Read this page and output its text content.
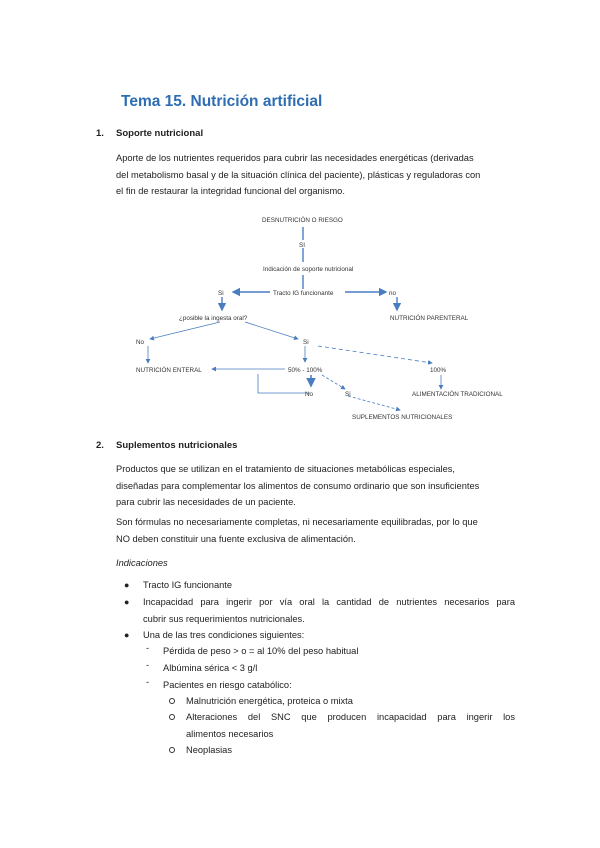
Tema 15. Nutrición artificial
1. Soporte nutricional
Aporte de los nutrientes requeridos para cubrir las necesidades energéticas (derivadas
del metabolismo basal y de la situación clínica del paciente), plásticas y reguladoras con
el fin de restaurar la integridad funcional del organismo.
DESNUTRICIÓN O RIESGO
SI
Indicación de soporte nutricional
Si	Tracto IG funcionante	no
¿posible la ingesta oral?	NUTRICIÓN PARENTERAL
No	Si
NUTRICIÓN ENTERAL	50% - 100%	100%
No	Si	ALIMENTACIÓN TRADICIONAL
SUPLEMENTOS NUTRICIONALES
2. Suplementos nutricionales
Productos que se utilizan en el tratamiento de situaciones metabólicas especiales,
diseñadas para complementar los alimentos de consumo ordinario que son insuficientes
para cubrir las necesidades de un paciente.
Son fórmulas no necesariamente completas, ni necesariamente equilibradas, por lo que
NO deben constituir una fuente exclusiva de alimentación.
Indicaciones
● Tracto IG funcionante
● Incapacidad para ingerir por vía oral la cantidad de nutrientes necesarios para
cubrir sus requerimientos nutricionales.
● Una de las tres condiciones siguientes:
- Pérdida de peso > o = al 10% del peso habitual
- Albúmina sérica < 3 g/l
- Pacientes en riesgo catabólico:
Malnutrición energética, proteica o mixta
Alteraciones del SNC que producen incapacidad para ingerir los
alimentos necesarios
Neoplasias
